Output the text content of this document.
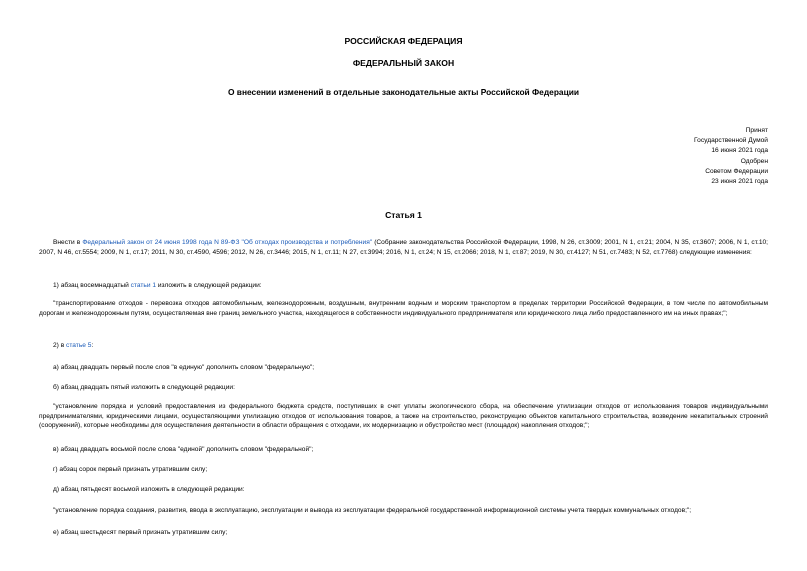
РОССИЙСКАЯ ФЕДЕРАЦИЯ
ФЕДЕРАЛЬНЫЙ ЗАКОН
О внесении изменений в отдельные законодательные акты Российской Федерации
Принят
Государственной Думой
16 июня 2021 года
Одобрен
Советом Федерации
23 июня 2021 года
Статья 1
Внести в Федеральный закон от 24 июня 1998 года N 89-ФЗ "Об отходах производства и потребления" (Собрание законодательства Российской Федерации, 1998, N 26, ст.3009; 2001, N 1, ст.21; 2004, N 35, ст.3607; 2006, N 1, ст.10; 2007, N 46, ст.5554; 2009, N 1, ст.17; 2011, N 30, ст.4590, 4596; 2012, N 26, ст.3446; 2015, N 1, ст.11; N 27, ст.3994; 2016, N 1, ст.24; N 15, ст.2066; 2018, N 1, ст.87; 2019, N 30, ст.4127; N 51, ст.7483; N 52, ст.7768) следующие изменения:
1) абзац восемнадцатый статьи 1 изложить в следующей редакции:
"транспортирование отходов - перевозка отходов автомобильным, железнодорожным, воздушным, внутренним водным и морским транспортом в пределах территории Российской Федерации, в том числе по автомобильным дорогам и железнодорожным путям, осуществляемая вне границ земельного участка, находящегося в собственности индивидуального предпринимателя или юридического лица либо предоставленного им на иных правах;";
2) в статье 5:
а) абзац двадцать первый после слов "в единую" дополнить словом "федеральную";
б) абзац двадцать пятый изложить в следующей редакции:
"установление порядка и условий предоставления из федерального бюджета средств, поступивших в счет уплаты экологического сбора, на обеспечение утилизации отходов от использования товаров индивидуальными предпринимателями, юридическими лицами, осуществляющими утилизацию отходов от использования товаров, а также на строительство, реконструкцию объектов капитального строительства, возведение некапитальных строений (сооружений), которые необходимы для осуществления деятельности в области обращения с отходами, их модернизацию и обустройство мест (площадок) накопления отходов;";
в) абзац двадцать восьмой после слова "единой" дополнить словом "федеральной";
г) абзац сорок первый признать утратившим силу;
д) абзац пятьдесят восьмой изложить в следующей редакции:
"установление порядка создания, развития, ввода в эксплуатацию, эксплуатации и вывода из эксплуатации федеральной государственной информационной системы учета твердых коммунальных отходов;";
е) абзац шестьдесят первый признать утратившим силу;
